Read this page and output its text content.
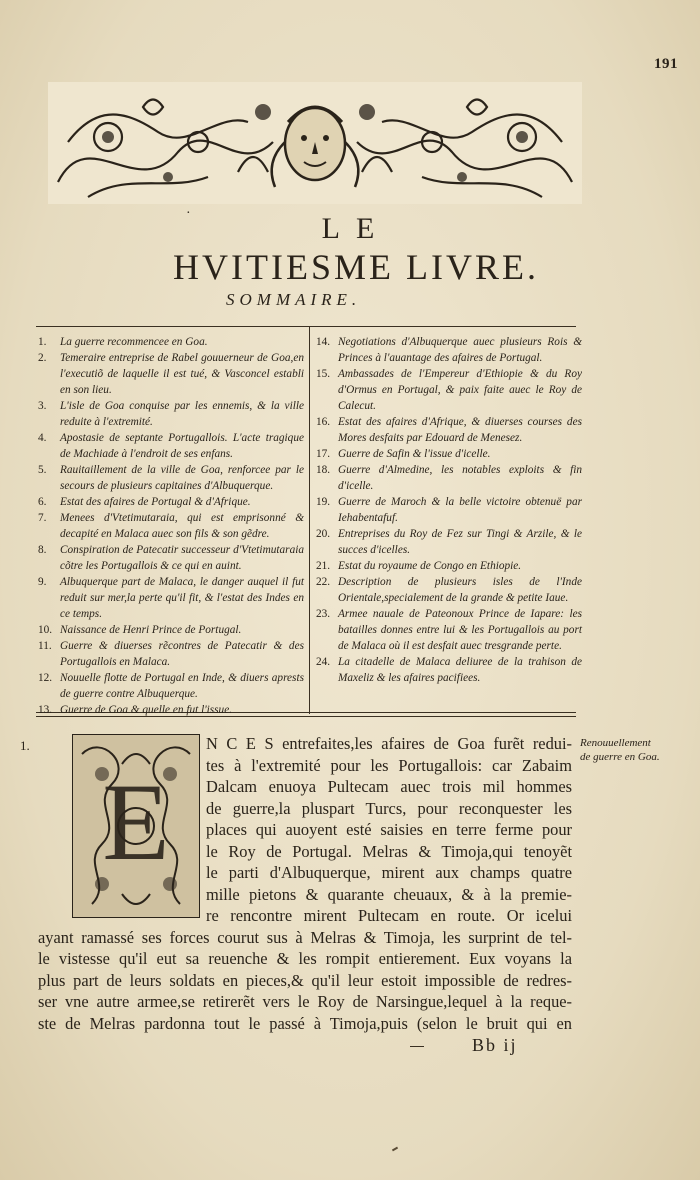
191
·	LE
HVITIESME LIVRE.
SOMMAIRE.
1.	La guerre recommencee en Goa.
2.	Temeraire entreprise de Rabel gouuerneur de Goa,en l'executiõ de laquelle il est tué, & Vasconcel establi en son lieu.
3.	L'isle de Goa conquise par les ennemis, & la ville reduite à l'extremité.
4.	Apostasie de septante Portugallois. L'acte tragique de Machiade à l'endroit de ses enfans.
5.	Rauitaillement de la ville de Goa, renforcee par le secours de plusieurs capitaines d'Albuquerque.
6.	Estat des afaires de Portugal & d'Afrique.
7.	Menees d'Vtetimutaraia, qui est emprisonné & decapité en Malaca auec son fils & son gẽdre.
8.	Conspiration de Patecatir successeur d'Vtetimutaraia cõtre les Portugallois & ce qui en auint.
9.	Albuquerque part de Malaca, le danger auquel il fut reduit sur mer,la perte qu'il fit, & l'estat des Indes en ce temps.
10. Naissance de Henri Prince de Portugal.
11. Guerre & diuerses rẽcontres de Patecatir & des Portugallois en Malaca.
12. Nouuelle flotte de Portugal en Inde, & diuers aprests de guerre contre Albuquerque.
13. Guerre de Goa & quelle en fut l'issue.
14. Negotiations d'Albuquerque auec plusieurs Rois & Princes à l'auantage des afaires de Portugal.
15. Ambassades de l'Empereur d'Ethiopie & du Roy d'Ormus en Portugal, & paix faite auec le Roy de Calecut.
16. Estat des afaires d'Afrique, & diuerses courses des Mores desfaits par Edouard de Menesez.
17. Guerre de Safin & l'issue d'icelle.
18. Guerre d'Almedine, les notables exploits & fin d'icelle.
19. Guerre de Maroch & la belle victoire obtenuë par Iehabentafuf.
20. Entreprises du Roy de Fez sur Tingi & Arzile, & le succes d'icelles.
21. Estat du royaume de Congo en Ethiopie.
22. Description de plusieurs isles de l'Inde Orientale,specialement de la grande & petite Iaue.
23. Armee nauale de Pateonoux Prince de Iapare: les batailles donnes entre lui & les Portugallois au port de Malaca où il est desfait auec tresgrande perte.
24. La citadelle de Malaca deliuree de la trahison de Maxeliz & les afaires pacifiees.
1.	N C E S entrefaites,les afaires de Goa furẽt redui-
tes à l'extremité pour les Portugallois: car Zabaim
Dalcam enuoya Pultecam auec trois mil hommes
de guerre,la pluspart Turcs, pour reconquester les
places qui auoyent esté saisies en terre ferme pour
le Roy de Portugal. Melras & Timoja,qui tenoyẽt
le parti d'Albuquerque, mirent aux champs quatre
mille pietons & quarante cheuaux, & à la premie-
re rencontre mirent Pultecam en route. Or icelui
ayant ramassé ses forces courut sus à Melras & Timoja, les surprint de tel-
le vistesse qu'il eut sa reuenche & les rompit entierement. Eux voyans la
plus part de leurs soldats en pieces,& qu'il leur estoit impossible de redres-
ser vne autre armee,se retirerẽt vers le Roy de Narsingue,lequel à la reque-
ste de Melras pardonna tout le passé à Timoja,puis (selon le bruit qui en
E
Renouuellement de guerre en Goa.
Bb ij
